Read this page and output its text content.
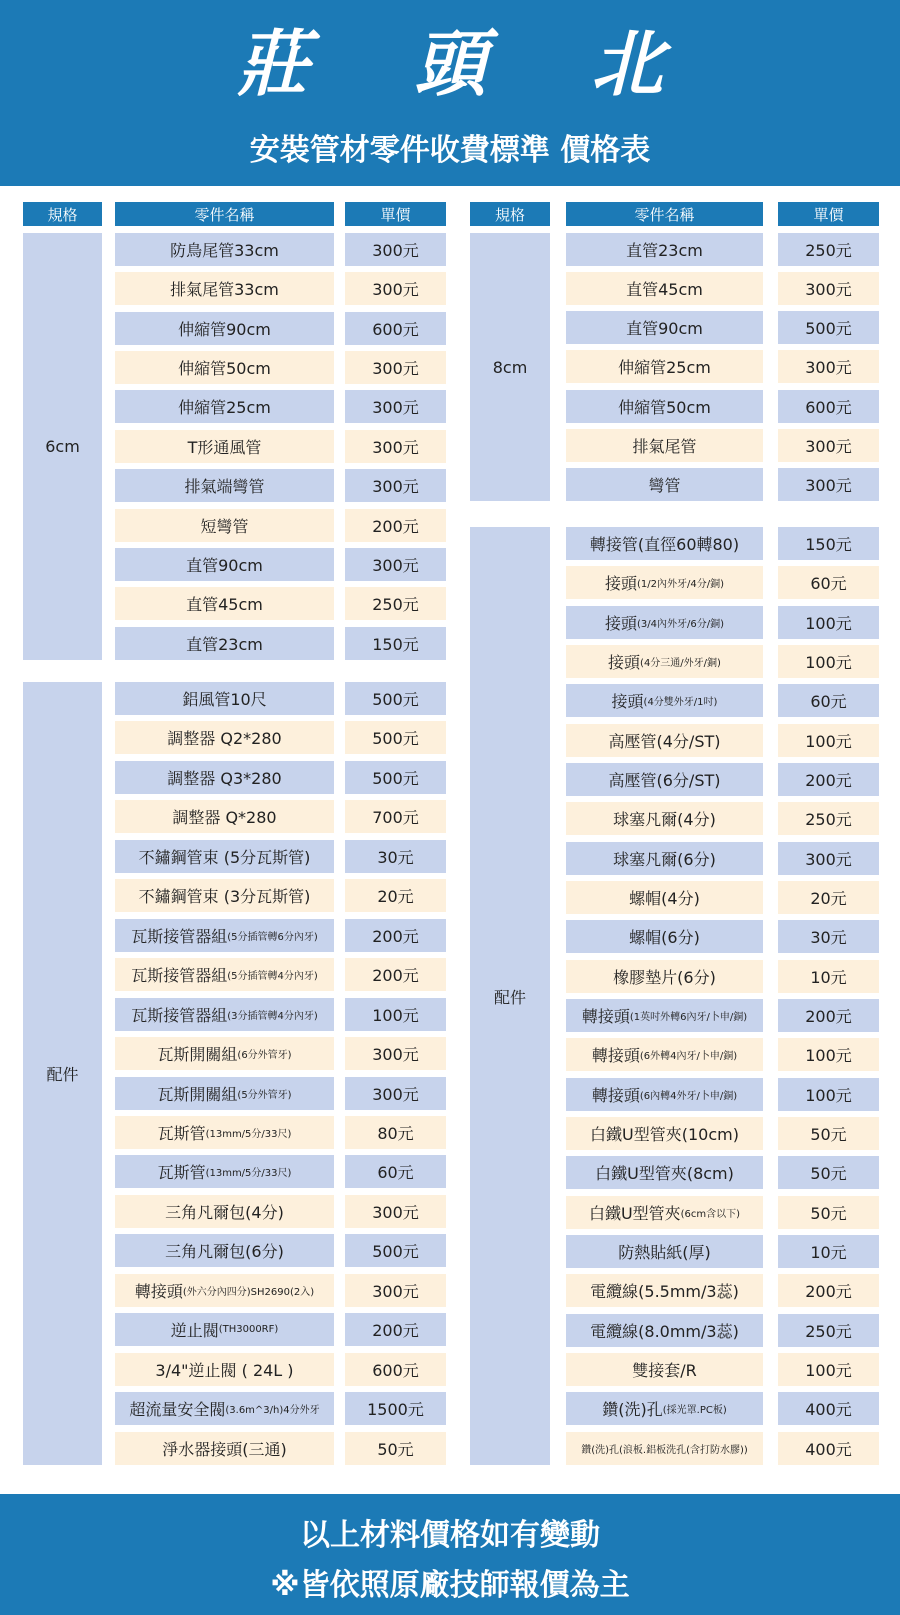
莊 頭 北
安裝管材零件收費標準 價格表
規格	零件名稱	單價
6cm
防鳥尾管33cm	300元
排氣尾管33cm	300元
伸縮管90cm	600元
伸縮管50cm	300元
伸縮管25cm	300元
T形通風管	300元
排氣端彎管	300元
短彎管	200元
直管90cm	300元
直管45cm	250元
直管23cm	150元
配件
鋁風管10尺	500元
調整器 Q2*280	500元
調整器 Q3*280	500元
調整器 Q*280	700元
不鏽鋼管束 (5分瓦斯管)	30元
不鏽鋼管束 (3分瓦斯管)	20元
瓦斯接管器組 (5分插管轉6分內牙)	200元
瓦斯接管器組 (5分插管轉4分內牙)	200元
瓦斯接管器組 (3分插管轉4分內牙)	100元
瓦斯開關組 (6分外管牙)	300元
瓦斯開關組 (5分外管牙)	300元
瓦斯管 (13mm/5分/33尺)	80元
瓦斯管 (13mm/5分/33尺)	60元
三角凡爾包(4分)	300元
三角凡爾包(6分)	500元
轉接頭 (外六分內四分)SH2690(2入)	300元
逆止閥 (TH3000RF)	200元
3/4"逆止閥 ( 24L )	600元
超流量安全閥 (3.6m^3/h)4分外牙	1500元
淨水器接頭(三通)	50元
規格	零件名稱	單價
8cm
直管23cm	250元
直管45cm	300元
直管90cm	500元
伸縮管25cm	300元
伸縮管50cm	600元
排氣尾管	300元
彎管	300元
配件
轉接管(直徑60轉80)	150元
接頭 (1/2內外牙/4分/銅)	60元
接頭 (3/4內外牙/6分/銅)	100元
接頭 (4分三通/外牙/銅)	100元
接頭 (4分雙外牙/1吋)	60元
高壓管(4分/ST)	100元
高壓管(6分/ST)	200元
球塞凡爾(4分)	250元
球塞凡爾(6分)	300元
螺帽(4分)	20元
螺帽(6分)	30元
橡膠墊片(6分)	10元
轉接頭 (1英吋外轉6內牙/卜申/銅)	200元
轉接頭 (6外轉4內牙/卜申/銅)	100元
轉接頭 (6內轉4外牙/卜申/銅)	100元
白鐵U型管夾(10cm)	50元
白鐵U型管夾(8cm)	50元
白鐵U型管夾 (6cm含以下)	50元
防熱貼紙(厚)	10元
電纜線(5.5mm/3蕊)	200元
電纜線(8.0mm/3蕊)	250元
雙接套/R	100元
鑽(洗)孔 (採光罩.PC板)	400元
鑽(洗)孔(浪板.鋁板洗孔(含打防水膠))	400元
以上材料價格如有變動
※皆依照原廠技師報價為主
